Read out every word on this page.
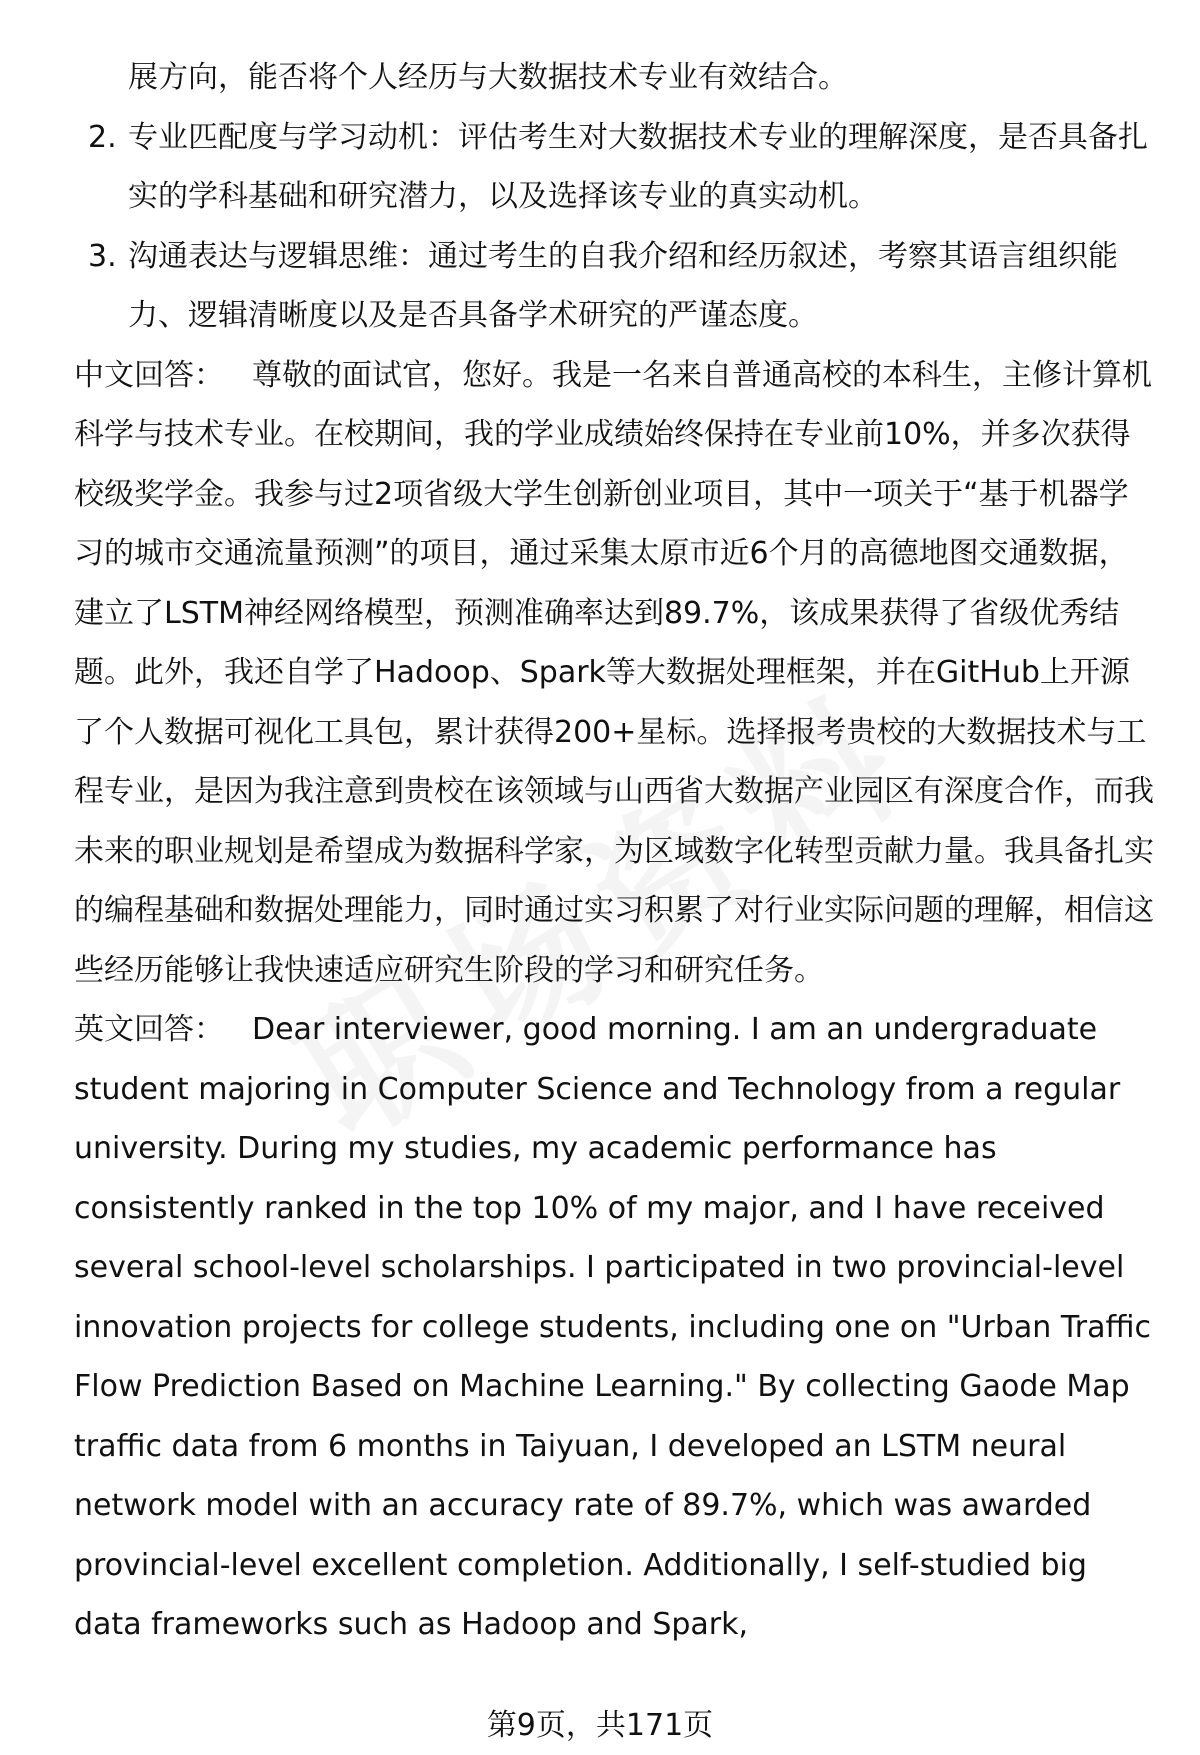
展方向，能否将个人经历与大数据技术专业有效结合。

2. 专业匹配度与学习动机：评估考生对大数据技术专业的理解深度，是否具备扎实的学科基础和研究潜力，以及选择该专业的真实动机。
3. 沟通表达与逻辑思维：通过考生的自我介绍和经历叙述，考察其语言组织能力、逻辑清晰度以及是否具备学术研究的严谨态度。

中文回答： 尊敬的面试官，您好。我是一名来自普通高校的本科生，主修计算机科学与技术专业。在校期间，我的学业成绩始终保持在专业前10%，并多次获得校级奖学金。我参与过2项省级大学生创新创业项目，其中一项关于“基于机器学习的城市交通流量预测”的项目，通过采集太原市近6个月的高德地图交通数据，建立了LSTM神经网络模型，预测准确率达到89.7%，该成果获得了省级优秀结题。此外，我还自学了Hadoop、Spark等大数据处理框架，并在GitHub上开源了个人数据可视化工具包，累计获得200+星标。选择报考贵校的大数据技术与工程专业，是因为我注意到贵校在该领域与山西省大数据产业园区有深度合作，而我未来的职业规划是希望成为数据科学家，为区域数字化转型贡献力量。我具备扎实的编程基础和数据处理能力，同时通过实习积累了对行业实际问题的理解，相信这些经历能够让我快速适应研究生阶段的学习和研究任务。

英文回答： Dear interviewer, good morning. I am an undergraduate student majoring in Computer Science and Technology from a regular university. During my studies, my academic performance has consistently ranked in the top 10% of my major, and I have received several school-level scholarships. I participated in two provincial-level innovation projects for college students, including one on "Urban Traffic Flow Prediction Based on Machine Learning." By collecting Gaode Map traffic data from 6 months in Taiyuan, I developed an LSTM neural network model with an accuracy rate of 89.7%, which was awarded provincial-level excellent completion. Additionally, I self-studied big data frameworks such as Hadoop and Spark,

第9页，共171页
